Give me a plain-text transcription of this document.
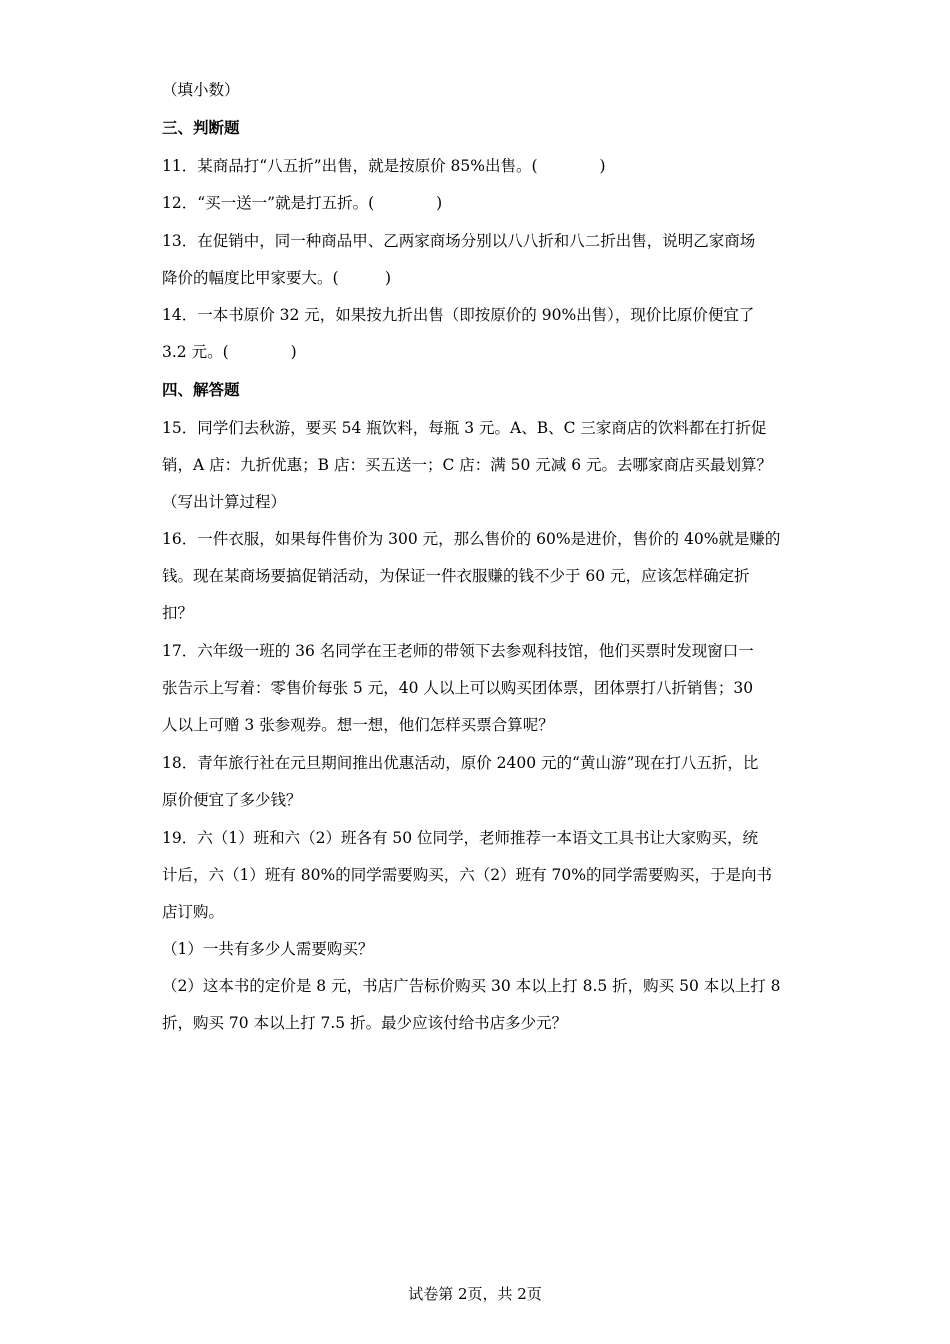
（填小数）
三、判断题
11．某商品打“八五折”出售，就是按原价 85%出售。(　　　　)
12．“买一送一”就是打五折。(　　　　)
13．在促销中，同一种商品甲、乙两家商场分别以八八折和八二折出售，说明乙家商场
降价的幅度比甲家要大。(　　　)
14．一本书原价 32 元，如果按九折出售（即按原价的 90%出售），现价比原价便宜了
3.2 元。(　　　　)
四、解答题
15．同学们去秋游，要买 54 瓶饮料，每瓶 3 元。A、B、C 三家商店的饮料都在打折促
销，A 店：九折优惠；B 店：买五送一；C 店：满 50 元减 6 元。去哪家商店买最划算？
（写出计算过程）
16．一件衣服，如果每件售价为 300 元，那么售价的 60%是进价，售价的 40%就是赚的
钱。现在某商场要搞促销活动，为保证一件衣服赚的钱不少于 60 元，应该怎样确定折
扣？
17．六年级一班的 36 名同学在王老师的带领下去参观科技馆，他们买票时发现窗口一
张告示上写着：零售价每张 5 元，40 人以上可以购买团体票，团体票打八折销售；30
人以上可赠 3 张参观券。想一想，他们怎样买票合算呢？
18．青年旅行社在元旦期间推出优惠活动，原价 2400 元的“黄山游”现在打八五折，比
原价便宜了多少钱？
19．六（1）班和六（2）班各有 50 位同学，老师推荐一本语文工具书让大家购买，统
计后，六（1）班有 80%的同学需要购买，六（2）班有 70%的同学需要购买，于是向书
店订购。
（1）一共有多少人需要购买？
（2）这本书的定价是 8 元，书店广告标价购买 30 本以上打 8.5 折，购买 50 本以上打 8
折，购买 70 本以上打 7.5 折。最少应该付给书店多少元？
试卷第 2页，共 2页
